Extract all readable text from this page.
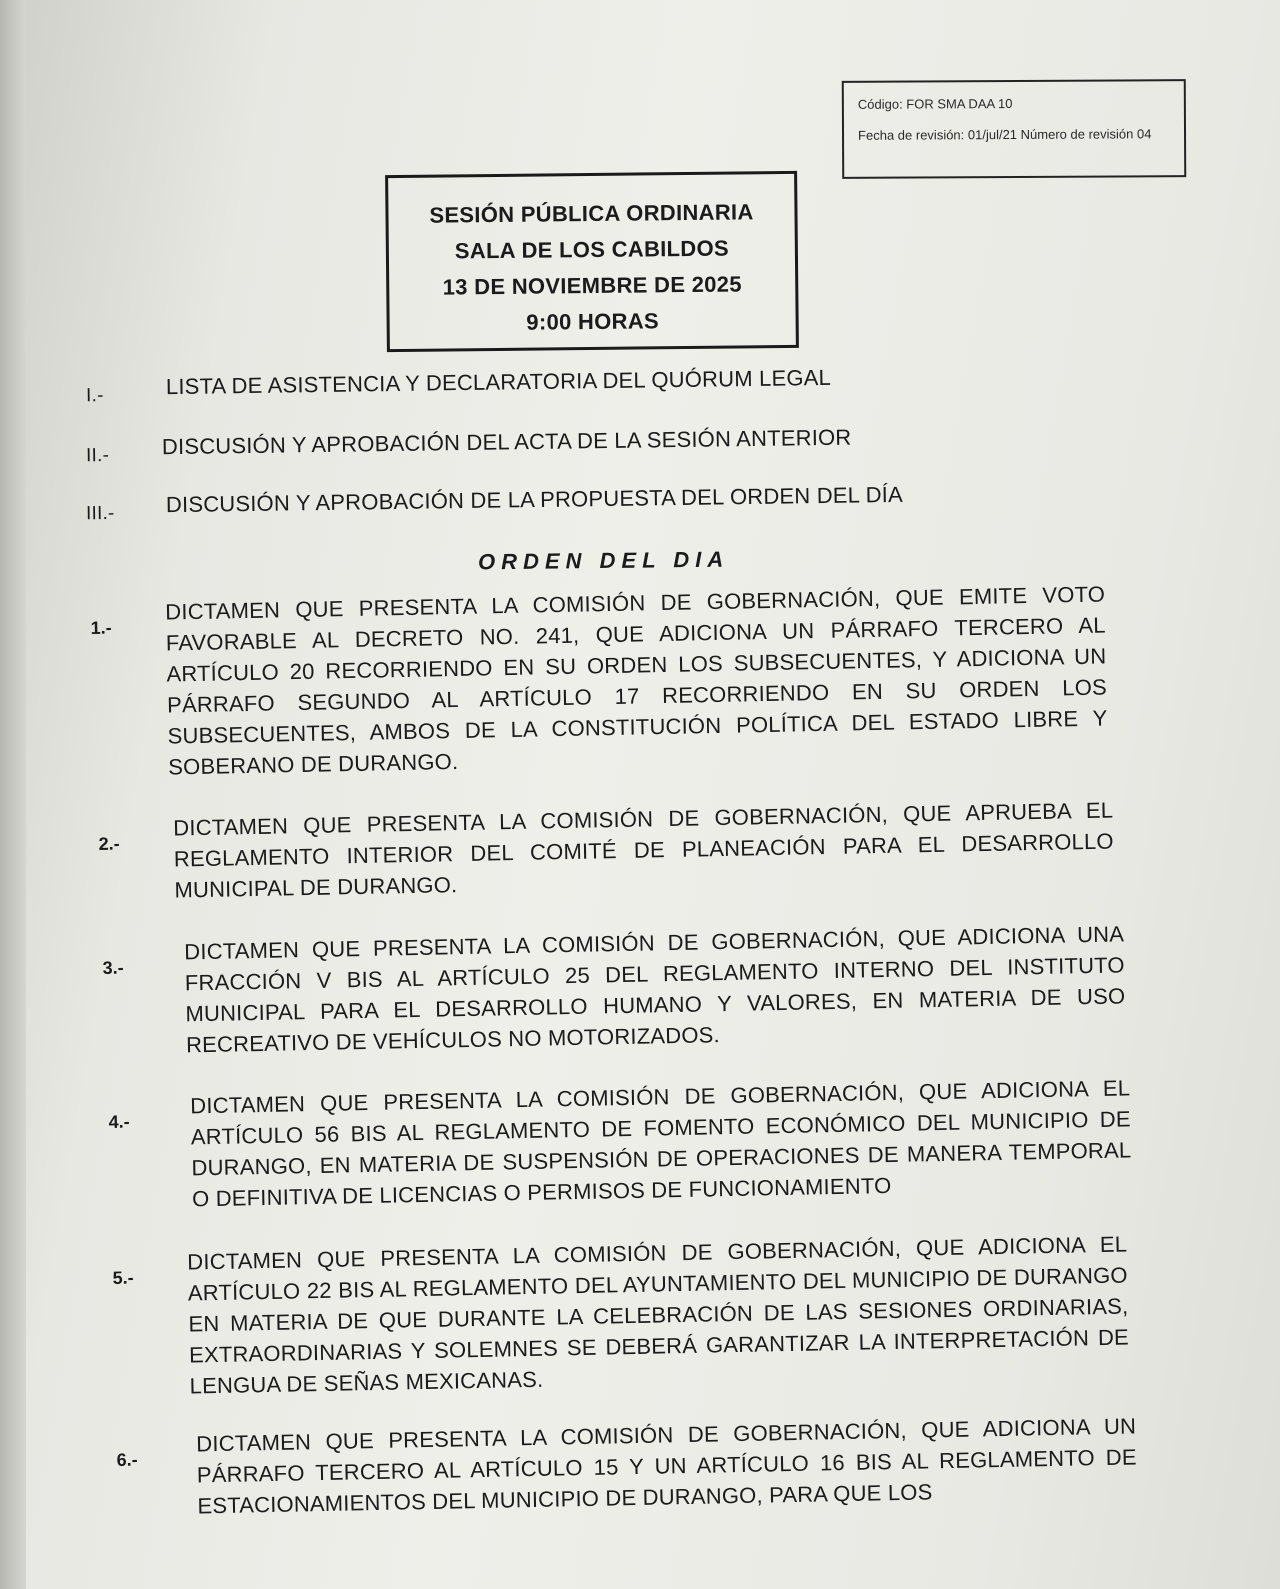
Código: FOR SMA DAA 10
Fecha de revisión: 01/jul/21 Número de revisión 04
SESIÓN PÚBLICA ORDINARIA
SALA DE LOS CABILDOS
13 DE NOVIEMBRE DE 2025
9:00 HORAS
I.-	LISTA DE ASISTENCIA Y DECLARATORIA DEL QUÓRUM LEGAL
II.- DISCUSIÓN Y APROBACIÓN DEL ACTA DE LA SESIÓN ANTERIOR
III.- DISCUSIÓN Y APROBACIÓN DE LA PROPUESTA DEL ORDEN DEL DÍA
ORDEN DEL DIA
1.-
DICTAMEN QUE PRESENTA LA COMISIÓN DE GOBERNACIÓN, QUE EMITE VOTO FAVORABLE AL DECRETO NO. 241, QUE ADICIONA UN PÁRRAFO TERCERO AL ARTÍCULO 20 RECORRIENDO EN SU ORDEN LOS SUBSECUENTES, Y ADICIONA UN PÁRRAFO SEGUNDO AL ARTÍCULO 17 RECORRIENDO EN SU ORDEN LOS SUBSECUENTES, AMBOS DE LA CONSTITUCIÓN POLÍTICA DEL ESTADO LIBRE Y SOBERANO DE DURANGO.
2.-
DICTAMEN QUE PRESENTA LA COMISIÓN DE GOBERNACIÓN, QUE APRUEBA EL REGLAMENTO INTERIOR DEL COMITÉ DE PLANEACIÓN PARA EL DESARROLLO MUNICIPAL DE DURANGO.
3.-
DICTAMEN QUE PRESENTA LA COMISIÓN DE GOBERNACIÓN, QUE ADICIONA UNA FRACCIÓN V BIS AL ARTÍCULO 25 DEL REGLAMENTO INTERNO DEL INSTITUTO MUNICIPAL PARA EL DESARROLLO HUMANO Y VALORES, EN MATERIA DE USO RECREATIVO DE VEHÍCULOS NO MOTORIZADOS.
4.-
DICTAMEN QUE PRESENTA LA COMISIÓN DE GOBERNACIÓN, QUE ADICIONA EL ARTÍCULO 56 BIS AL REGLAMENTO DE FOMENTO ECONÓMICO DEL MUNICIPIO DE DURANGO, EN MATERIA DE SUSPENSIÓN DE OPERACIONES DE MANERA TEMPORAL O DEFINITIVA DE LICENCIAS O PERMISOS DE FUNCIONAMIENTO
5.-
DICTAMEN QUE PRESENTA LA COMISIÓN DE GOBERNACIÓN, QUE ADICIONA EL ARTÍCULO 22 BIS AL REGLAMENTO DEL AYUNTAMIENTO DEL MUNICIPIO DE DURANGO EN MATERIA DE QUE DURANTE LA CELEBRACIÓN DE LAS SESIONES ORDINARIAS, EXTRAORDINARIAS Y SOLEMNES SE DEBERÁ GARANTIZAR LA INTERPRETACIÓN DE LENGUA DE SEÑAS MEXICANAS.
6.-
DICTAMEN QUE PRESENTA LA COMISIÓN DE GOBERNACIÓN, QUE ADICIONA UN PÁRRAFO TERCERO AL ARTÍCULO 15 Y UN ARTÍCULO 16 BIS AL REGLAMENTO DE ESTACIONAMIENTOS DEL MUNICIPIO DE DURANGO, PARA QUE LOS
